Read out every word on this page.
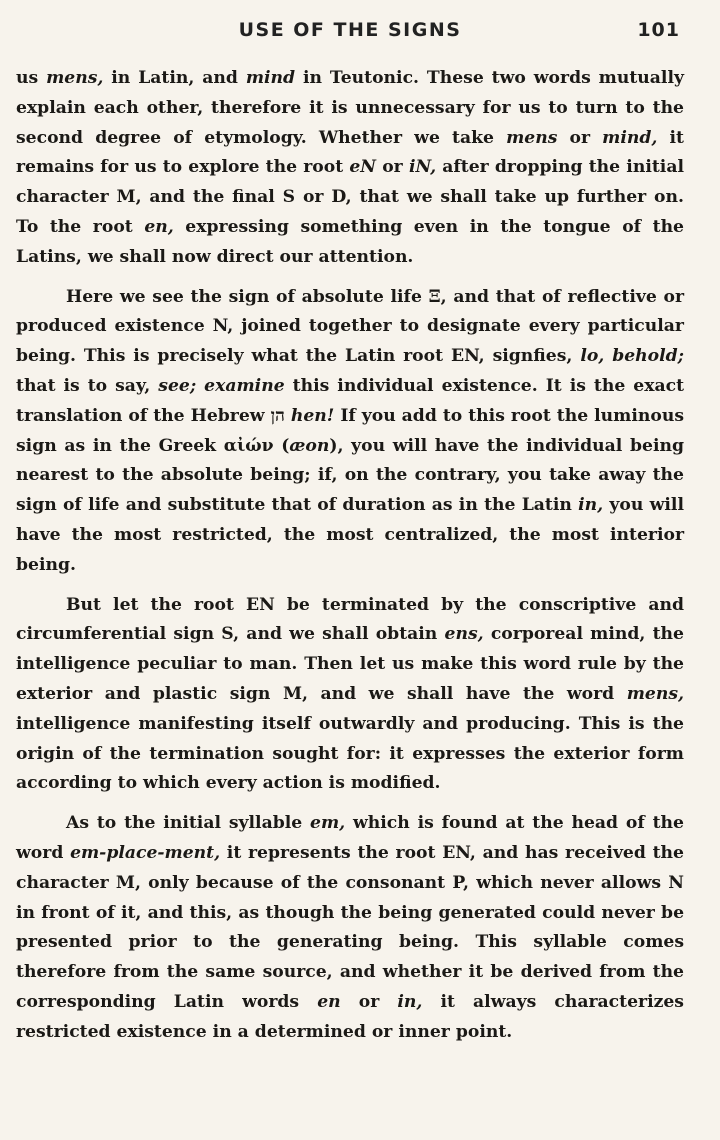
USE OF THE SIGNS	101

us mens, in Latin, and mind in Teutonic. These two words mutually explain each other, therefore it is unnecessary for us to turn to the second degree of etymology. Whether we take mens or mind, it remains for us to explore the root eN or iN, after dropping the initial character M, and the final S or D, that we shall take up further on. To the root en, expressing something even in the tongue of the Latins, we shall now direct our attention.

Here we see the sign of absolute life Ξ, and that of reflective or produced existence N, joined together to designate every particular being. This is precisely what the Latin root EN, signfies, lo, behold; that is to say, see; examine this individual existence. It is the exact translation of the Hebrew הן hen! If you add to this root the luminous sign as in the Greek αἰών (æon), you will have the individual being nearest to the absolute being; if, on the contrary, you take away the sign of life and substitute that of duration as in the Latin in, you will have the most restricted, the most centralized, the most interior being.

But let the root EN be terminated by the conscriptive and circumferential sign S, and we shall obtain ens, corporeal mind, the intelligence peculiar to man. Then let us make this word rule by the exterior and plastic sign M, and we shall have the word mens, intelligence manifesting itself outwardly and producing. This is the origin of the termination sought for: it expresses the exterior form according to which every action is modified.

As to the initial syllable em, which is found at the head of the word em-place-ment, it represents the root EN, and has received the character M, only because of the consonant P, which never allows N in front of it, and this, as though the being generated could never be presented prior to the generating being. This syllable comes therefore from the same source, and whether it be derived from the corresponding Latin words en or in, it always characterizes restricted existence in a determined or inner point.
